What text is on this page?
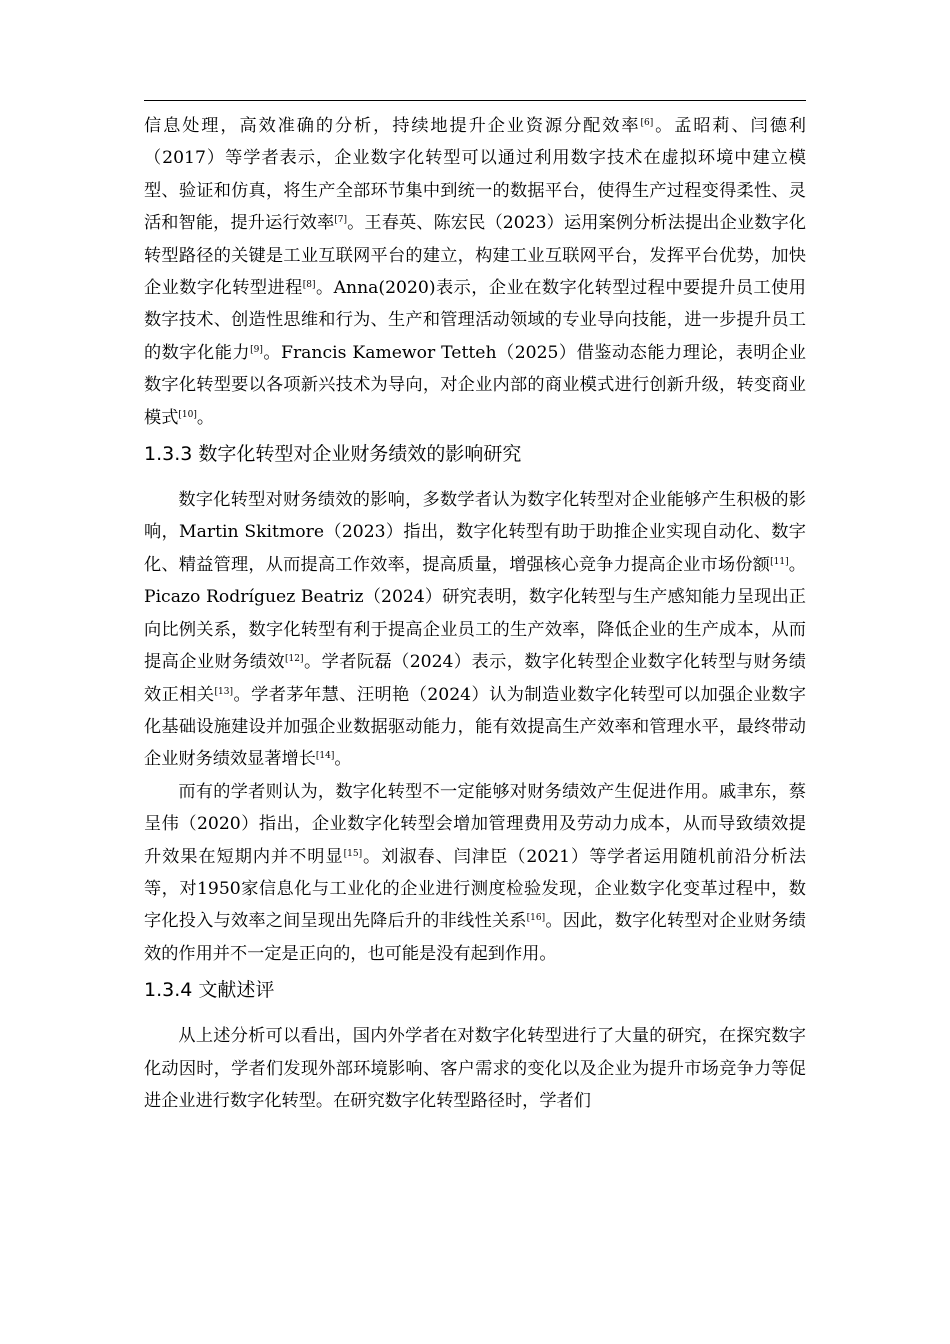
信息处理，高效准确的分析，持续地提升企业资源分配效率[6]。孟昭莉、闫德利（2017）等学者表示，企业数字化转型可以通过利用数字技术在虚拟环境中建立模型、验证和仿真，将生产全部环节集中到统一的数据平台，使得生产过程变得柔性、灵活和智能，提升运行效率[7]。王春英、陈宏民（2023）运用案例分析法提出企业数字化转型路径的关键是工业互联网平台的建立，构建工业互联网平台，发挥平台优势，加快企业数字化转型进程[8]。Anna(2020)表示，企业在数字化转型过程中要提升员工使用数字技术、创造性思维和行为、生产和管理活动领域的专业导向技能，进一步提升员工的数字化能力[9]。Francis Kamewor Tetteh（2025）借鉴动态能力理论，表明企业数字化转型要以各项新兴技术为导向，对企业内部的商业模式进行创新升级，转变商业模式[10]。

1.3.3 数字化转型对企业财务绩效的影响研究

数字化转型对财务绩效的影响，多数学者认为数字化转型对企业能够产生积极的影响，Martin Skitmore（2023）指出，数字化转型有助于助推企业实现自动化、数字化、精益管理，从而提高工作效率，提高质量，增强核心竞争力提高企业市场份额[11]。Picazo Rodríguez Beatriz（2024）研究表明，数字化转型与生产感知能力呈现出正向比例关系，数字化转型有利于提高企业员工的生产效率，降低企业的生产成本，从而提高企业财务绩效[12]。学者阮磊（2024）表示，数字化转型企业数字化转型与财务绩效正相关[13]。学者茅年慧、汪明艳（2024）认为制造业数字化转型可以加强企业数字化基础设施建设并加强企业数据驱动能力，能有效提高生产效率和管理水平，最终带动企业财务绩效显著增长[14]。

而有的学者则认为，数字化转型不一定能够对财务绩效产生促进作用。戚聿东，蔡呈伟（2020）指出，企业数字化转型会增加管理费用及劳动力成本，从而导致绩效提升效果在短期内并不明显[15]。刘淑春、闫津臣（2021）等学者运用随机前沿分析法等，对1950家信息化与工业化的企业进行测度检验发现，企业数字化变革过程中，数字化投入与效率之间呈现出先降后升的非线性关系[16]。因此，数字化转型对企业财务绩效的作用并不一定是正向的，也可能是没有起到作用。

1.3.4 文献述评

从上述分析可以看出，国内外学者在对数字化转型进行了大量的研究，在探究数字化动因时，学者们发现外部环境影响、客户需求的变化以及企业为提升市场竞争力等促进企业进行数字化转型。在研究数字化转型路径时，学者们
